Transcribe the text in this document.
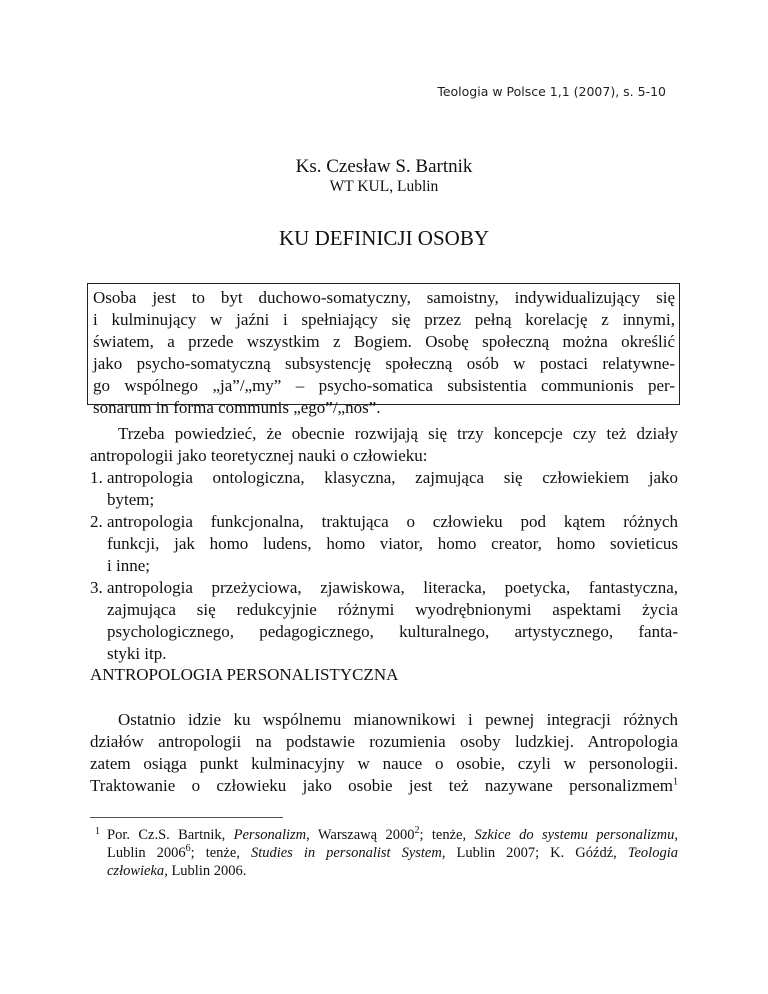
Teologia w Polsce 1,1 (2007), s. 5-10
Ks. Czesław S. Bartnik
WT KUL, Lublin
KU DEFINICJI OSOBY
Osoba jest to byt duchowo-somatyczny, samoistny, indywidualizujący się
i kulminujący w jaźni i spełniający się przez pełną korelację z innymi,
światem, a przede wszystkim z Bogiem. Osobę społeczną można określić
jako psycho-somatyczną subsystencję społeczną osób w postaci relatywne-
go wspólnego „ja”/„my” – psycho-somatica subsistentia communionis per-
Trzeba powiedzieć, że obecnie rozwijają się trzy koncepcje czy też działy
antropologii jako teoretycznej nauki o człowieku:
1. antropologia ontologiczna, klasyczna, zajmująca się człowiekiem jako
bytem;
2. antropologia funkcjonalna, traktująca o człowieku pod kątem różnych
funkcji, jak homo ludens, homo viator, homo creator, homo sovieticus
i inne;
3. antropologia przeżyciowa, zjawiskowa, literacka, poetycka, fantastyczna,
zajmująca się redukcyjnie różnymi wyodrębnionymi aspektami życia
psychologicznego, pedagogicznego, kulturalnego, artystycznego, fanta-
styki itp.
ANTROPOLOGIA PERSONALISTYCZNA
Ostatnio idzie ku wspólnemu mianownikowi i pewnej integracji różnych
działów antropologii na podstawie rozumienia osoby ludzkiej. Antropologia
zatem osiąga punkt kulminacyjny w nauce o osobie, czyli w personologii.
Traktowanie o człowieku jako osobie jest też nazywane personalizmem$^1$
1 Por. Cz.S. Bartnik, Personalizm, Warszawą 2000$^2$; tenże, Szkice do systemu personalizmu,
Lublin 2006$^6$; tenże, Studies in personalist System, Lublin 2007; K. Góźdź, Teologia
człowieka, Lublin 2006.
sonarum in forma communis „ego”/„nos”.
